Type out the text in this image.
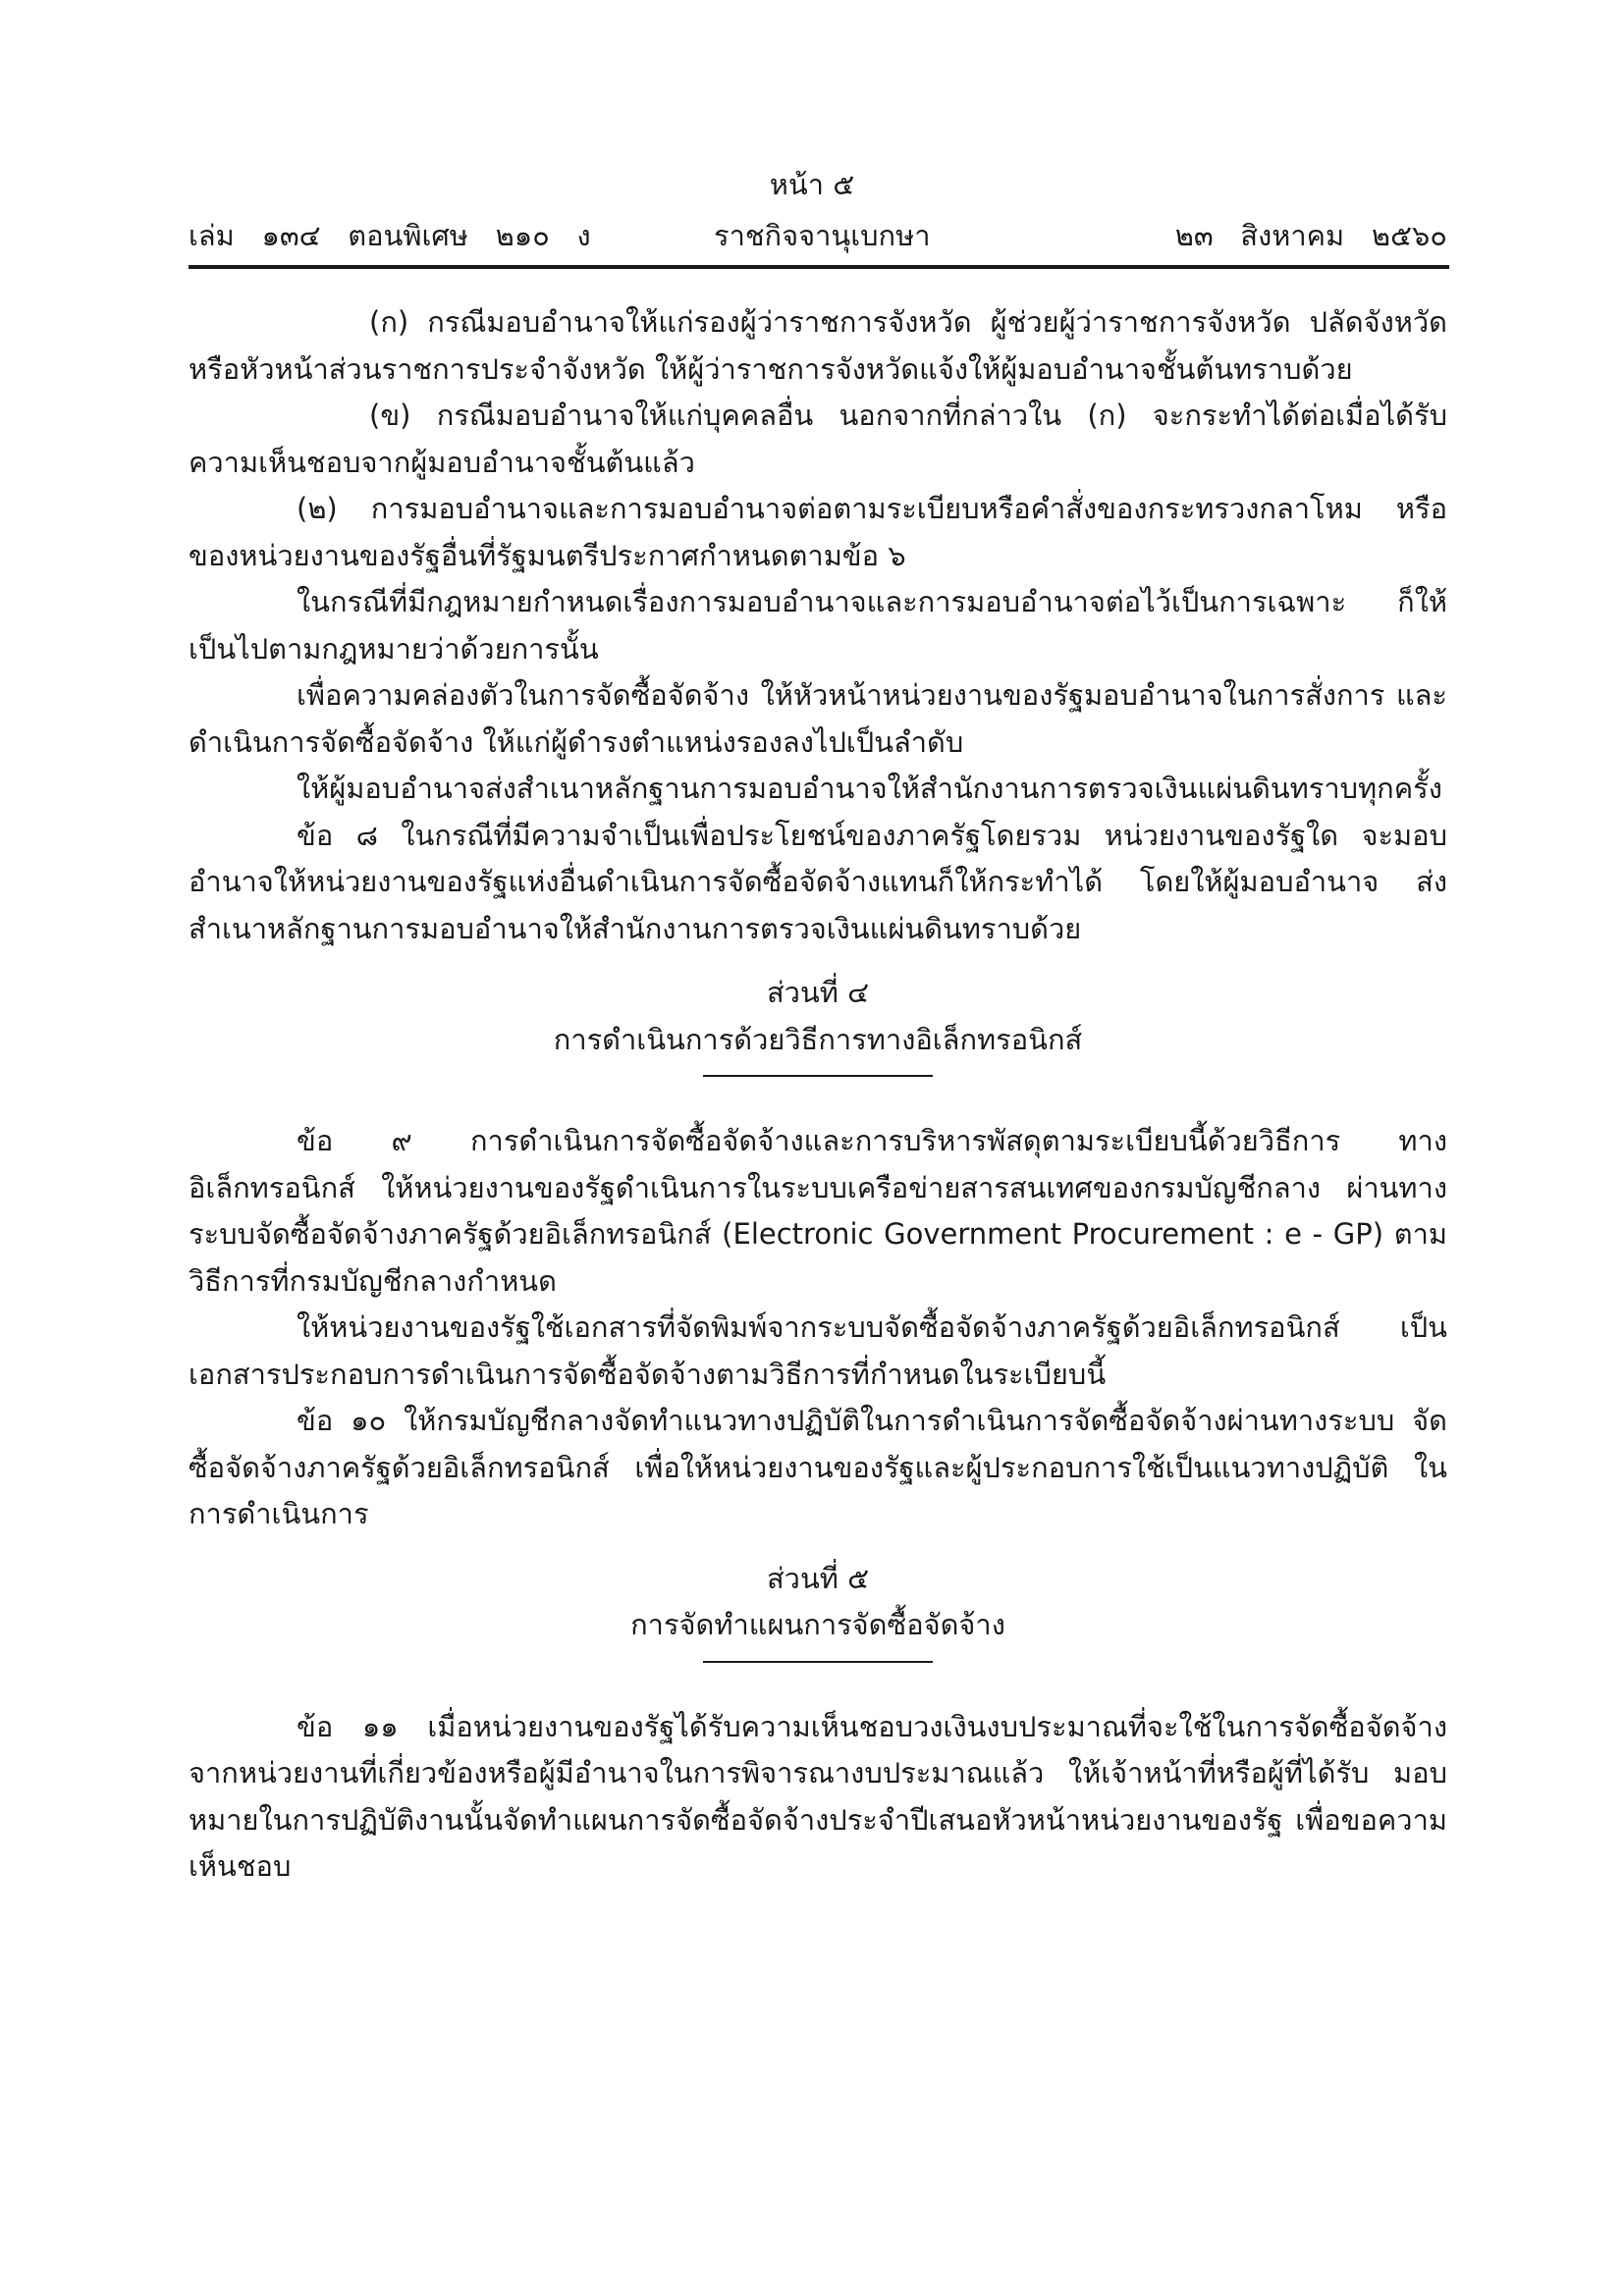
หน้า ๕
เล่ม   ๑๓๔   ตอนพิเศษ   ๒๑๐   ง	ราชกิจจานุเบกษา	๒๓   สิงหาคม   ๒๕๖๐

(ก) กรณีมอบอำนาจให้แก่รองผู้ว่าราชการจังหวัด ผู้ช่วยผู้ว่าราชการจังหวัด ปลัดจังหวัด หรือหัวหน้าส่วนราชการประจำจังหวัด ให้ผู้ว่าราชการจังหวัดแจ้งให้ผู้มอบอำนาจชั้นต้นทราบด้วย

(ข) กรณีมอบอำนาจให้แก่บุคคลอื่น นอกจากที่กล่าวใน (ก) จะกระทำได้ต่อเมื่อได้รับ ความเห็นชอบจากผู้มอบอำนาจชั้นต้นแล้ว

(๒) การมอบอำนาจและการมอบอำนาจต่อตามระเบียบหรือคำสั่งของกระทรวงกลาโหม หรือของหน่วยงานของรัฐอื่นที่รัฐมนตรีประกาศกำหนดตามข้อ ๖

ในกรณีที่มีกฎหมายกำหนดเรื่องการมอบอำนาจและการมอบอำนาจต่อไว้เป็นการเฉพาะ ก็ให้เป็นไปตามกฎหมายว่าด้วยการนั้น

เพื่อความคล่องตัวในการจัดซื้อจัดจ้าง ให้หัวหน้าหน่วยงานของรัฐมอบอำนาจในการสั่งการ และดำเนินการจัดซื้อจัดจ้าง ให้แก่ผู้ดำรงตำแหน่งรองลงไปเป็นลำดับ

ให้ผู้มอบอำนาจส่งสำเนาหลักฐานการมอบอำนาจให้สำนักงานการตรวจเงินแผ่นดินทราบทุกครั้ง

ข้อ ๘ ในกรณีที่มีความจำเป็นเพื่อประโยชน์ของภาครัฐโดยรวม หน่วยงานของรัฐใด จะมอบอำนาจให้หน่วยงานของรัฐแห่งอื่นดำเนินการจัดซื้อจัดจ้างแทนก็ให้กระทำได้ โดยให้ผู้มอบอำนาจ ส่งสำเนาหลักฐานการมอบอำนาจให้สำนักงานการตรวจเงินแผ่นดินทราบด้วย

ส่วนที่ ๔

การดำเนินการด้วยวิธีการทางอิเล็กทรอนิกส์

ข้อ ๙ การดำเนินการจัดซื้อจัดจ้างและการบริหารพัสดุตามระเบียบนี้ด้วยวิธีการ ทางอิเล็กทรอนิกส์ ให้หน่วยงานของรัฐดำเนินการในระบบเครือข่ายสารสนเทศของกรมบัญชีกลาง ผ่านทางระบบจัดซื้อจัดจ้างภาครัฐด้วยอิเล็กทรอนิกส์ (Electronic Government Procurement : e - GP) ตามวิธีการที่กรมบัญชีกลางกำหนด

ให้หน่วยงานของรัฐใช้เอกสารที่จัดพิมพ์จากระบบจัดซื้อจัดจ้างภาครัฐด้วยอิเล็กทรอนิกส์ เป็นเอกสารประกอบการดำเนินการจัดซื้อจัดจ้างตามวิธีการที่กำหนดในระเบียบนี้

ข้อ ๑๐ ให้กรมบัญชีกลางจัดทำแนวทางปฏิบัติในการดำเนินการจัดซื้อจัดจ้างผ่านทางระบบ จัดซื้อจัดจ้างภาครัฐด้วยอิเล็กทรอนิกส์ เพื่อให้หน่วยงานของรัฐและผู้ประกอบการใช้เป็นแนวทางปฏิบัติ ในการดำเนินการ

ส่วนที่ ๕

การจัดทำแผนการจัดซื้อจัดจ้าง

ข้อ ๑๑ เมื่อหน่วยงานของรัฐได้รับความเห็นชอบวงเงินงบประมาณที่จะใช้ในการจัดซื้อจัดจ้าง จากหน่วยงานที่เกี่ยวข้องหรือผู้มีอำนาจในการพิจารณางบประมาณแล้ว ให้เจ้าหน้าที่หรือผู้ที่ได้รับ มอบหมายในการปฏิบัติงานนั้นจัดทำแผนการจัดซื้อจัดจ้างประจำปีเสนอหัวหน้าหน่วยงานของรัฐ เพื่อขอความเห็นชอบ
